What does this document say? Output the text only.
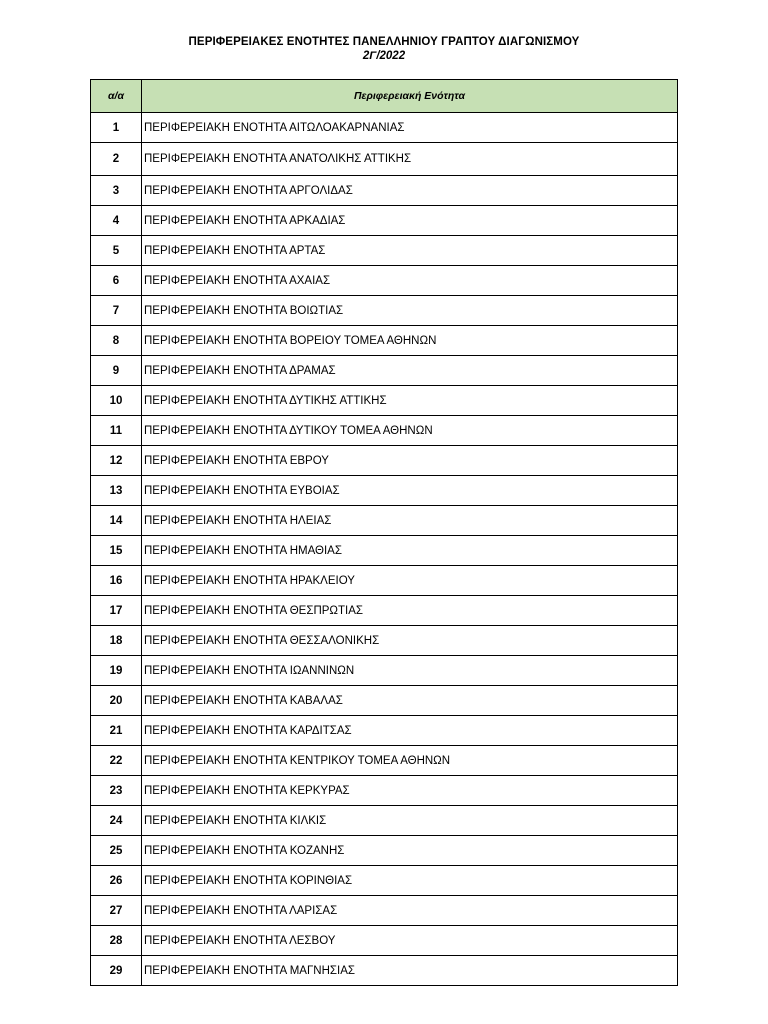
ΠΕΡΙΦΕΡΕΙΑΚΕΣ ΕΝΟΤΗΤΕΣ ΠΑΝΕΛΛΗΝΙΟΥ ΓΡΑΠΤΟΥ ΔΙΑΓΩΝΙΣΜΟΥ
2Γ/2022
α/α	Περιφερειακή Ενότητα
1	ΠΕΡΙΦΕΡΕΙΑΚΗ ΕΝΟΤΗΤΑ ΑΙΤΩΛΟΑΚΑΡΝΑΝΙΑΣ
2	ΠΕΡΙΦΕΡΕΙΑΚΗ ΕΝΟΤΗΤΑ ΑΝΑΤΟΛΙΚΗΣ ΑΤΤΙΚΗΣ
3	ΠΕΡΙΦΕΡΕΙΑΚΗ ΕΝΟΤΗΤΑ ΑΡΓΟΛΙΔΑΣ
4	ΠΕΡΙΦΕΡΕΙΑΚΗ ΕΝΟΤΗΤΑ ΑΡΚΑΔΙΑΣ
5	ΠΕΡΙΦΕΡΕΙΑΚΗ ΕΝΟΤΗΤΑ ΑΡΤΑΣ
6	ΠΕΡΙΦΕΡΕΙΑΚΗ ΕΝΟΤΗΤΑ ΑΧΑΙΑΣ
7	ΠΕΡΙΦΕΡΕΙΑΚΗ ΕΝΟΤΗΤΑ ΒΟΙΩΤΙΑΣ
8	ΠΕΡΙΦΕΡΕΙΑΚΗ ΕΝΟΤΗΤΑ ΒΟΡΕΙΟΥ ΤΟΜΕΑ ΑΘΗΝΩΝ
9	ΠΕΡΙΦΕΡΕΙΑΚΗ ΕΝΟΤΗΤΑ ΔΡΑΜΑΣ
10	ΠΕΡΙΦΕΡΕΙΑΚΗ ΕΝΟΤΗΤΑ ΔΥΤΙΚΗΣ ΑΤΤΙΚΗΣ
11	ΠΕΡΙΦΕΡΕΙΑΚΗ ΕΝΟΤΗΤΑ ΔΥΤΙΚΟΥ ΤΟΜΕΑ ΑΘΗΝΩΝ
12	ΠΕΡΙΦΕΡΕΙΑΚΗ ΕΝΟΤΗΤΑ ΕΒΡΟΥ
13	ΠΕΡΙΦΕΡΕΙΑΚΗ ΕΝΟΤΗΤΑ ΕΥΒΟΙΑΣ
14	ΠΕΡΙΦΕΡΕΙΑΚΗ ΕΝΟΤΗΤΑ ΗΛΕΙΑΣ
15	ΠΕΡΙΦΕΡΕΙΑΚΗ ΕΝΟΤΗΤΑ ΗΜΑΘΙΑΣ
16	ΠΕΡΙΦΕΡΕΙΑΚΗ ΕΝΟΤΗΤΑ ΗΡΑΚΛΕΙΟΥ
17	ΠΕΡΙΦΕΡΕΙΑΚΗ ΕΝΟΤΗΤΑ ΘΕΣΠΡΩΤΙΑΣ
18	ΠΕΡΙΦΕΡΕΙΑΚΗ ΕΝΟΤΗΤΑ ΘΕΣΣΑΛΟΝΙΚΗΣ
19	ΠΕΡΙΦΕΡΕΙΑΚΗ ΕΝΟΤΗΤΑ ΙΩΑΝΝΙΝΩΝ
20	ΠΕΡΙΦΕΡΕΙΑΚΗ ΕΝΟΤΗΤΑ ΚΑΒΑΛΑΣ
21	ΠΕΡΙΦΕΡΕΙΑΚΗ ΕΝΟΤΗΤΑ ΚΑΡΔΙΤΣΑΣ
22	ΠΕΡΙΦΕΡΕΙΑΚΗ ΕΝΟΤΗΤΑ ΚΕΝΤΡΙΚΟΥ ΤΟΜΕΑ ΑΘΗΝΩΝ
23	ΠΕΡΙΦΕΡΕΙΑΚΗ ΕΝΟΤΗΤΑ ΚΕΡΚΥΡΑΣ
24	ΠΕΡΙΦΕΡΕΙΑΚΗ ΕΝΟΤΗΤΑ ΚΙΛΚΙΣ
25	ΠΕΡΙΦΕΡΕΙΑΚΗ ΕΝΟΤΗΤΑ ΚΟΖΑΝΗΣ
26	ΠΕΡΙΦΕΡΕΙΑΚΗ ΕΝΟΤΗΤΑ ΚΟΡΙΝΘΙΑΣ
27	ΠΕΡΙΦΕΡΕΙΑΚΗ ΕΝΟΤΗΤΑ ΛΑΡΙΣΑΣ
28	ΠΕΡΙΦΕΡΕΙΑΚΗ ΕΝΟΤΗΤΑ ΛΕΣΒΟΥ
29	ΠΕΡΙΦΕΡΕΙΑΚΗ ΕΝΟΤΗΤΑ ΜΑΓΝΗΣΙΑΣ
